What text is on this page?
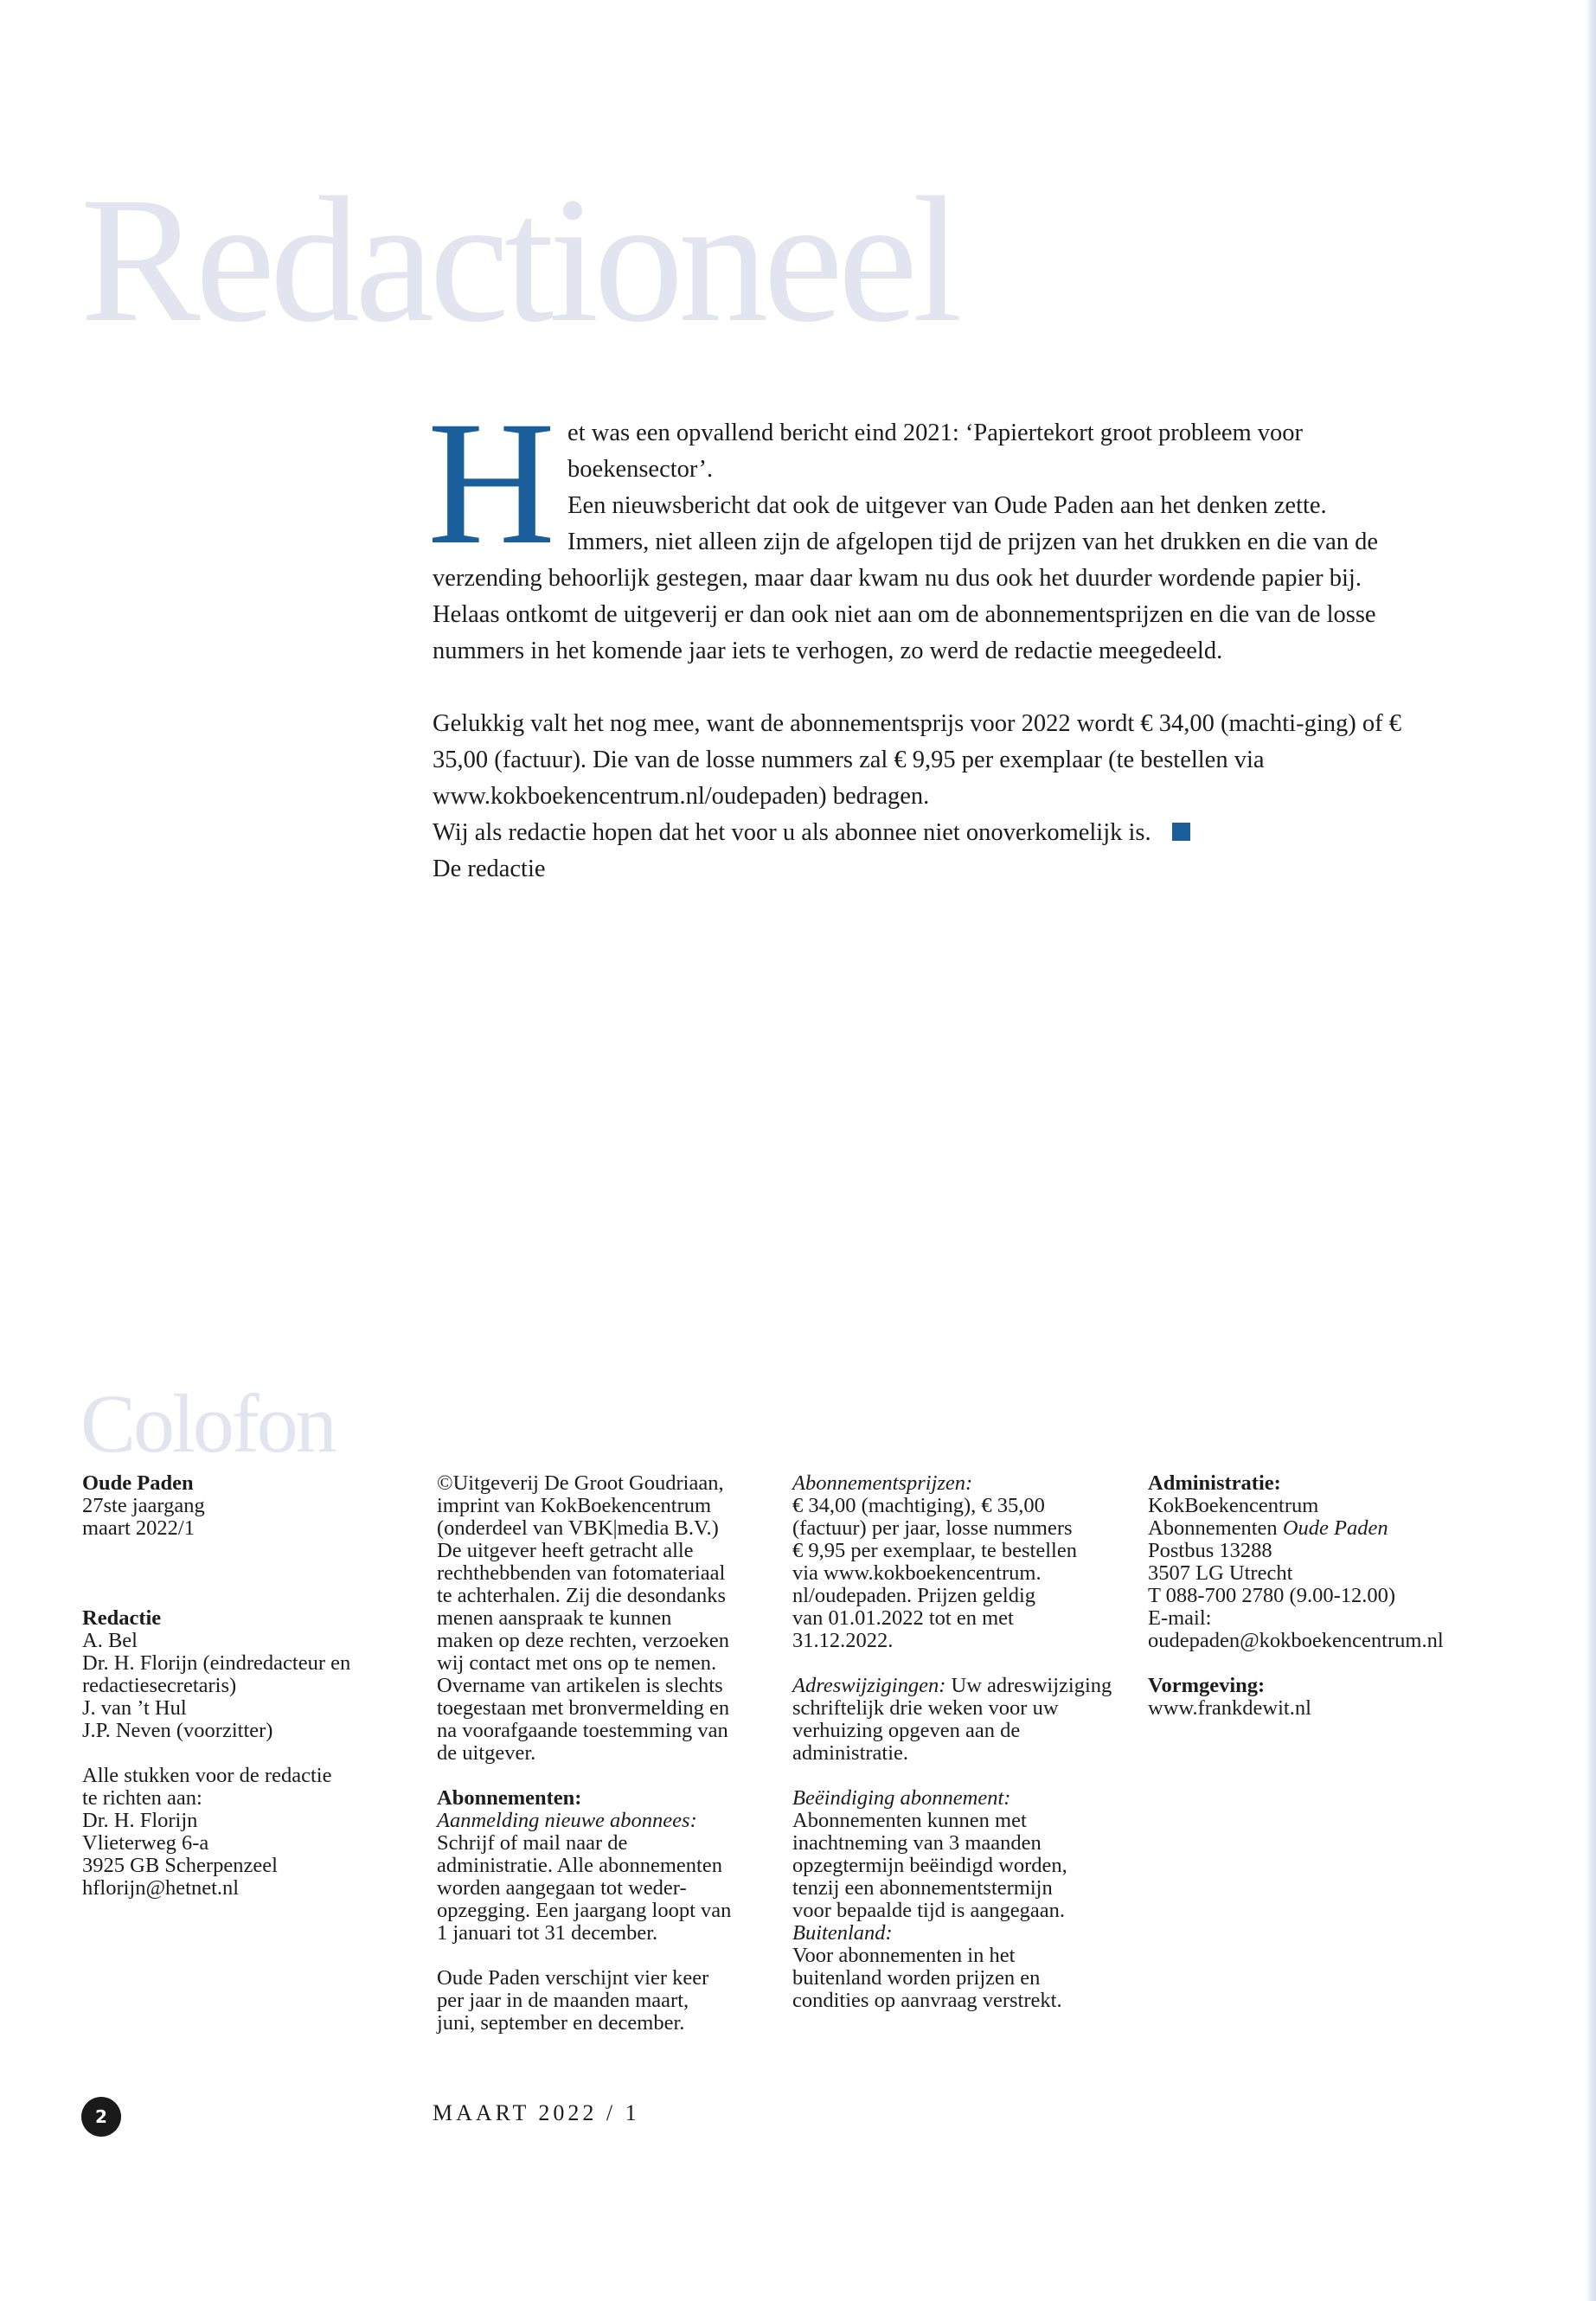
Redactioneel

Het was een opvallend bericht eind 2021: ‘Papiertekort groot probleem voor boekensector’.

Een nieuwsbericht dat ook de uitgever van Oude Paden aan het denken zette.

Immers, niet alleen zijn de afgelopen tijd de prijzen van het drukken en die van de verzending behoorlijk gestegen, maar daar kwam nu dus ook het duurder wordende papier bij.

Helaas ontkomt de uitgeverij er dan ook niet aan om de abonnementsprijzen en die van de losse nummers in het komende jaar iets te verhogen, zo werd de redactie meegedeeld.

Gelukkig valt het nog mee, want de abonnementsprijs voor 2022 wordt € 34,00 (machti-ging) of € 35,00 (factuur). Die van de losse nummers zal € 9,95 per exemplaar (te bestellen via www.kokboekencentrum.nl/oudepaden) bedragen.

Wij als redactie hopen dat het voor u als abonnee niet onoverkomelijk is.

De redactie

Colofon

Oude Paden

27ste jaargang

maart 2022/1

Redactie

A. Bel

Dr. H. Florijn (eindredacteur en

redactiesecretaris)

J. van ’t Hul

J.P. Neven (voorzitter)

Alle stukken voor de redactie

te richten aan:

Dr. H. Florijn

Vlieterweg 6-a

3925 GB Scherpenzeel

hflorijn@hetnet.nl

©Uitgeverij De Groot Goudriaan,

imprint van KokBoekencentrum

(onderdeel van VBK|media B.V.)

De uitgever heeft getracht alle

rechthebbenden van fotomateriaal

te achterhalen. Zij die desondanks

menen aanspraak te kunnen

maken op deze rechten, verzoeken

wij contact met ons op te nemen.

Overname van artikelen is slechts

toegestaan met bronvermelding en

na voorafgaande toestemming van

de uitgever.

Abonnementen:

Aanmelding nieuwe abonnees:

Schrijf of mail naar de

administratie. Alle abonnementen

worden aangegaan tot weder-

opzegging. Een jaargang loopt van

1 januari tot 31 december.

Oude Paden verschijnt vier keer

per jaar in de maanden maart,

juni, september en december.

Abonnementsprijzen:

€ 34,00 (machtiging), € 35,00

(factuur) per jaar, losse nummers

€ 9,95 per exemplaar, te bestellen

via www.kokboekencentrum.

nl/oudepaden. Prijzen geldig

van 01.01.2022 tot en met

31.12.2022.

Adreswijzigingen: Uw adreswijziging

schriftelijk drie weken voor uw

verhuizing opgeven aan de

administratie.

Beëindiging abonnement:

Abonnementen kunnen met

inachtneming van 3 maanden

opzegtermijn beëindigd worden,

tenzij een abonnementstermijn

voor bepaalde tijd is aangegaan.

Buitenland:

Voor abonnementen in het

buitenland worden prijzen en

condities op aanvraag verstrekt.

Administratie:

KokBoekencentrum

Abonnementen Oude Paden

Postbus 13288

3507 LG Utrecht

T 088-700 2780 (9.00-12.00)

E-mail:

oudepaden@kokboekencentrum.nl

Vormgeving:

www.frankdewit.nl

2	MAART 2022 / 1
